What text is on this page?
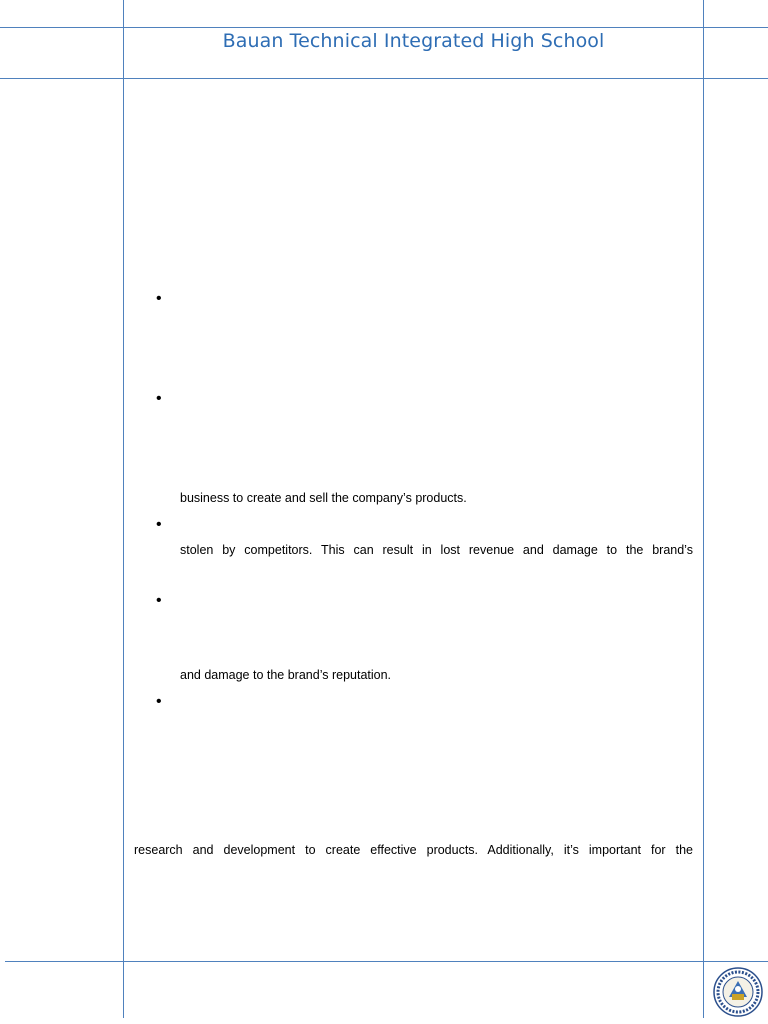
Bauan Technical Integrated High School
•
•
•
•
•
business to create and sell the company’s products.
stolen by competitors. This can result in lost revenue and damage to the brand’s
and damage to the brand’s reputation.
research and development to create effective products. Additionally, it’s important for the
